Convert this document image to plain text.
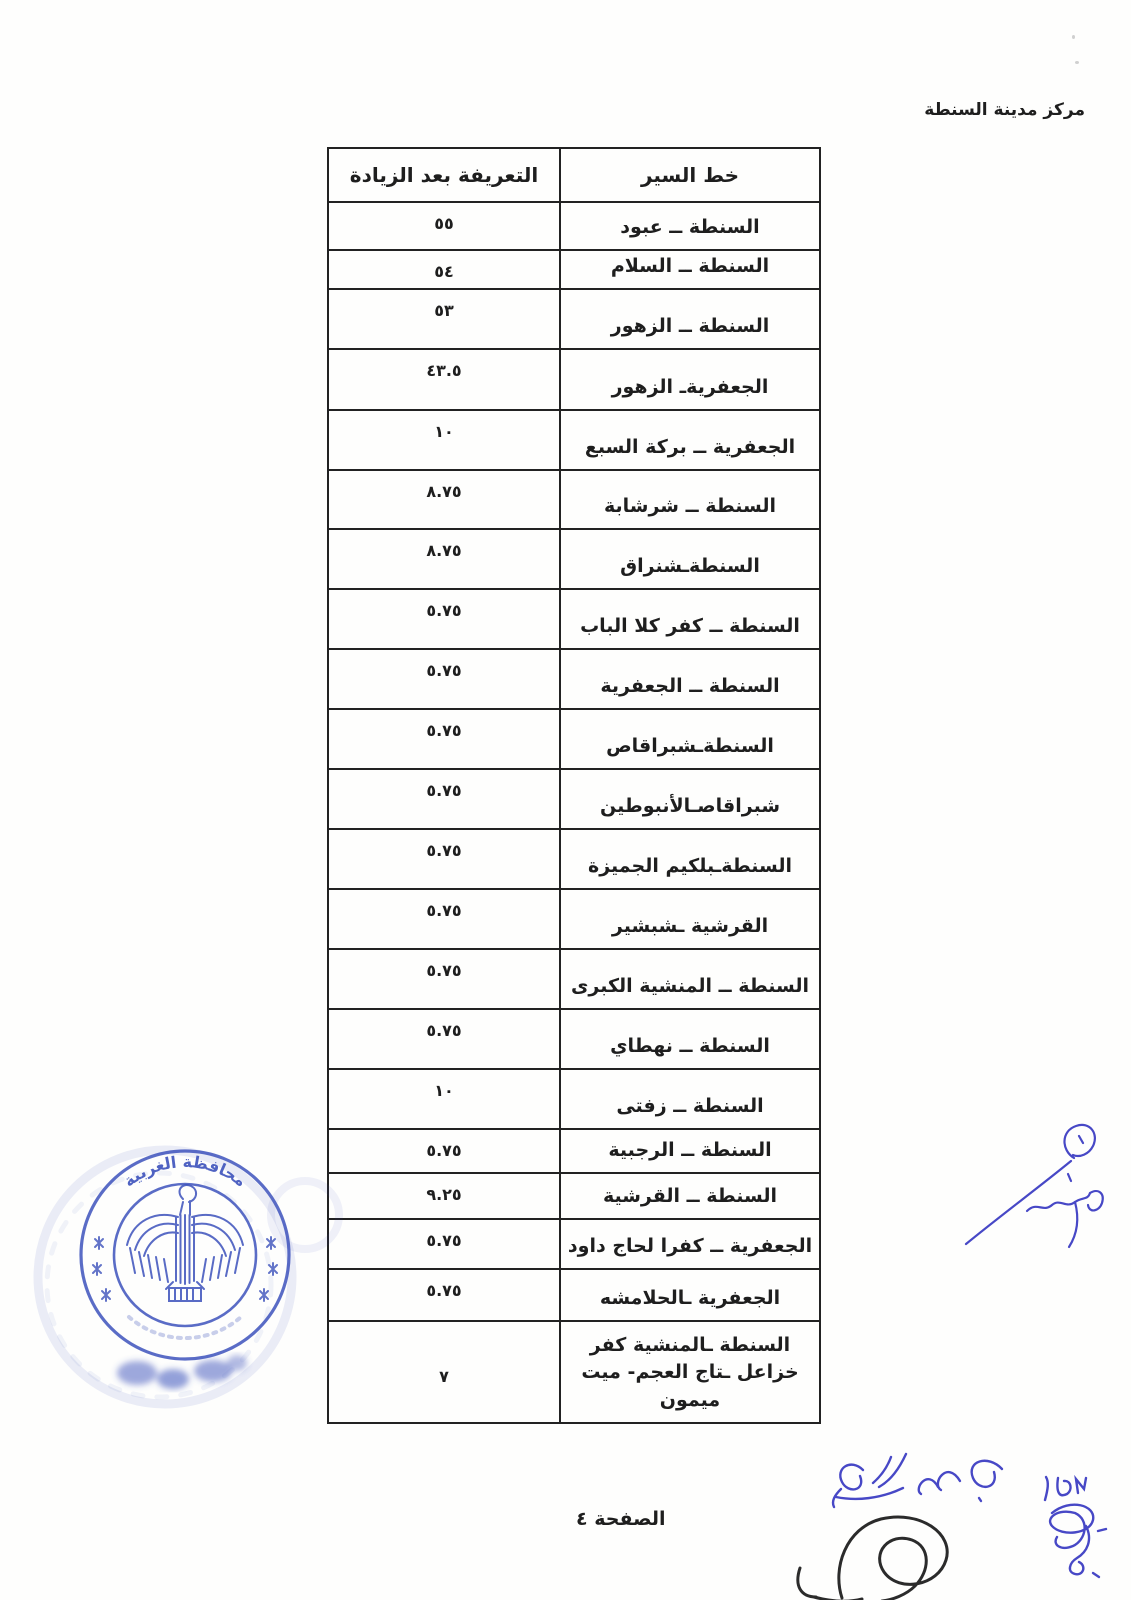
مركز مدينة السنطة
خط السير	التعريفة بعد الزيادة
السنطة ــ عبود	٥٥
السنطة ــ السلام	٥٤
السنطة ــ الزهور	٥٣
الجعفريةـ الزهور	٤٣.٥
الجعفرية ــ بركة السبع	١٠
السنطة ــ شرشابة	٨.٧٥
السنطةـشنراق	٨.٧٥
السنطة ــ كفر كلا الباب	٥.٧٥
السنطة ــ الجعفرية	٥.٧٥
السنطةـشبراقاص	٥.٧٥
شبراقاصـالأنبوطين	٥.٧٥
السنطةـبلكيم الجميزة	٥.٧٥
القرشية ـشبشير	٥.٧٥
السنطة ــ المنشية الكبرى	٥.٧٥
السنطة ــ نهطاي	٥.٧٥
السنطة ــ زفتى	١٠
السنطة ــ الرجبية	٥.٧٥
السنطة ــ القرشية	٩.٢٥
الجعفرية ــ كفرا لحاج داود	٥.٧٥
الجعفرية ـالحلامشه	٥.٧٥
السنطة ـالمنشية كفر خزاعل ـتاج العجم- ميت ميمون	٧
الصفحة ٤
محافظة الغربية
